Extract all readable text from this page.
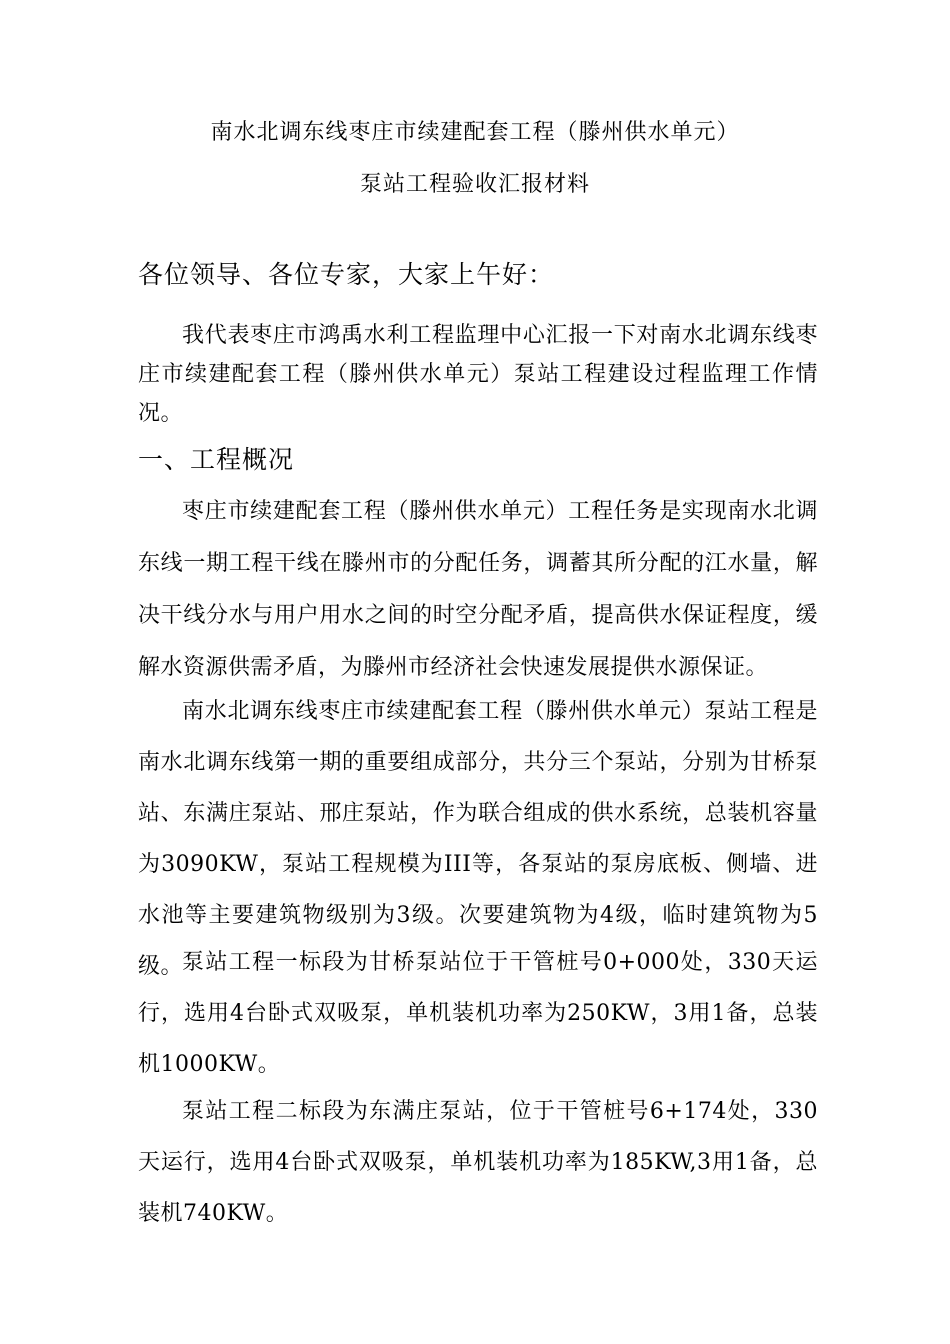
南水北调东线枣庄市续建配套工程（滕州供水单元）
泵站工程验收汇报材料
各位领导、各位专家，大家上午好：

我代表枣庄市鸿禹水利工程监理中心汇报一下对南水北调东线枣庄市续建配套工程（滕州供水单元）泵站工程建设过程监理工作情况。

一、工程概况

枣庄市续建配套工程（滕州供水单元）工程任务是实现南水北调东线一期工程干线在滕州市的分配任务，调蓄其所分配的江水量，解决干线分水与用户用水之间的时空分配矛盾，提高供水保证程度，缓解水资源供需矛盾，为滕州市经济社会快速发展提供水源保证。

南水北调东线枣庄市续建配套工程（滕州供水单元）泵站工程是南水北调东线第一期的重要组成部分，共分三个泵站，分别为甘桥泵站、东满庄泵站、邢庄泵站，作为联合组成的供水系统，总装机容量为3090KW，泵站工程规模为III等，各泵站的泵房底板、侧墙、进水池等主要建筑物级别为3级。次要建筑物为4级，临时建筑物为5级。

泵站工程一标段为甘桥泵站位于干管桩号0+000处，330天运行，选用4台卧式双吸泵，单机装机功率为250KW，3用1备，总装机1000KW。

泵站工程二标段为东满庄泵站，位于干管桩号6+174处，330天运行，选用4台卧式双吸泵，单机装机功率为185KW,3用1备，总装机740KW。
